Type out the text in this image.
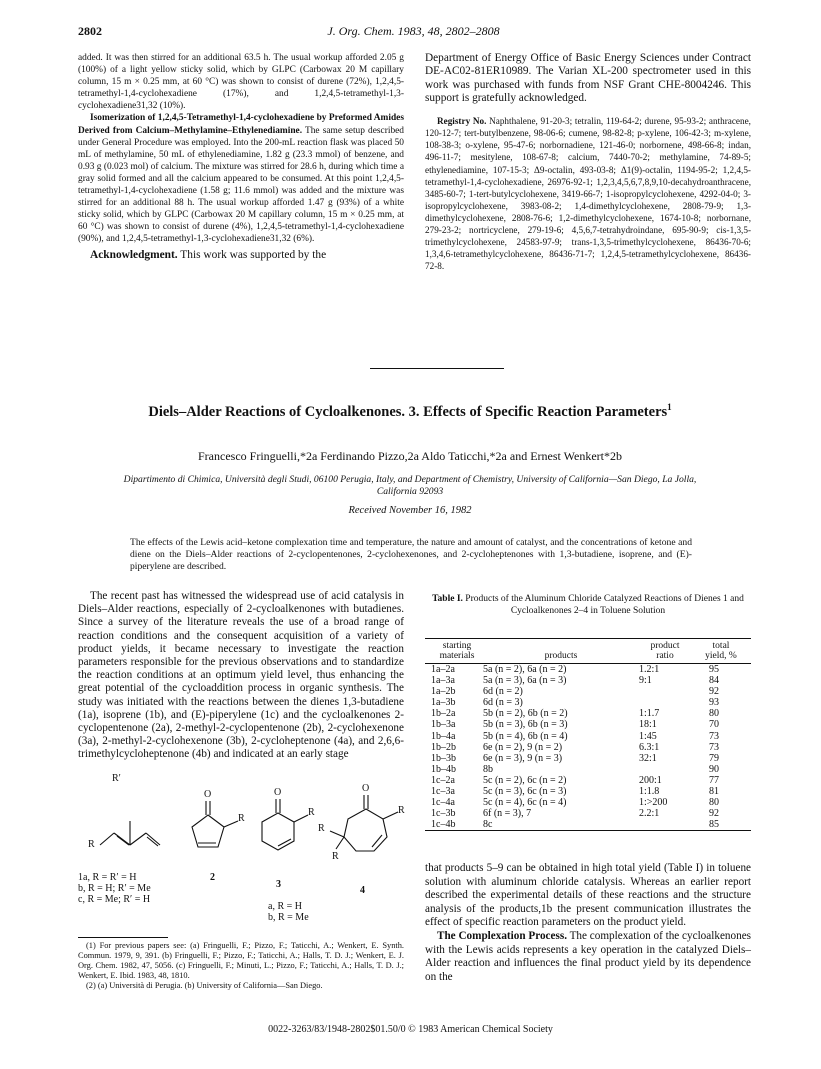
2802	J. Org. Chem. 1983, 48, 2802–2808

added. It was then stirred for an additional 63.5 h. The usual workup afforded 2.05 g (100%) of a light yellow sticky solid, which by GLPC (Carbowax 20 M capillary column, 15 m × 0.25 mm, at 60 °C) was shown to consist of durene (72%), 1,2,4,5-tetramethyl-1,4-cyclohexadiene (17%), and 1,2,4,5-tetramethyl-1,3-cyclohexadiene31,32 (10%).

Isomerization of 1,2,4,5-Tetramethyl-1,4-cyclohexadiene by Preformed Amides Derived from Calcium–Methylamine–Ethylenediamine. The same setup described under General Procedure was employed. Into the 200-mL reaction flask was placed 50 mL of methylamine, 50 mL of ethylenediamine, 1.82 g (23.3 mmol) of benzene, and 0.93 g (0.023 mol) of calcium. The mixture was stirred for 28.6 h, during which time a gray solid formed and all the calcium appeared to be consumed. At this point 1,2,4,5-tetramethyl-1,4-cyclohexadiene (1.58 g; 11.6 mmol) was added and the mixture was stirred for an additional 88 h. The usual workup afforded 1.47 g (93%) of a white sticky solid, which by GLPC (Carbowax 20 M capillary column, 15 m × 0.25 mm, at 60 °C) was shown to consist of durene (4%), 1,2,4,5-tetramethyl-1,4-cyclohexadiene (90%), and 1,2,4,5-tetramethyl-1,3-cyclohexadiene31,32 (6%).

Acknowledgment. This work was supported by the

Department of Energy Office of Basic Energy Sciences under Contract DE-AC02-81ER10989. The Varian XL-200 spectrometer used in this work was purchased with funds from NSF Grant CHE-8004246. This support is gratefully acknowledged.

Registry No. Naphthalene, 91-20-3; tetralin, 119-64-2; durene, 95-93-2; anthracene, 120-12-7; tert-butylbenzene, 98-06-6; cumene, 98-82-8; p-xylene, 106-42-3; m-xylene, 108-38-3; o-xylene, 95-47-6; norbornadiene, 121-46-0; norbornene, 498-66-8; indan, 496-11-7; mesitylene, 108-67-8; calcium, 7440-70-2; methylamine, 74-89-5; ethylenediamine, 107-15-3; Δ9-octalin, 493-03-8; Δ1(9)-octalin, 1194-95-2; 1,2,4,5-tetramethyl-1,4-cyclohexadiene, 26976-92-1; 1,2,3,4,5,6,7,8,9,10-decahydroanthracene, 3485-60-7; 1-tert-butylcyclohexene, 3419-66-7; 1-isopropylcyclohexene, 4292-04-0; 3-isopropylcyclohexene, 3983-08-2; 1,4-dimethylcyclohexene, 2808-79-9; 1,3-dimethylcyclohexene, 2808-76-6; 1,2-dimethylcyclohexene, 1674-10-8; norbornane, 279-23-2; nortricyclene, 279-19-6; 4,5,6,7-tetrahydroindane, 695-90-9; cis-1,3,5-trimethylcyclohexene, 24583-97-9; trans-1,3,5-trimethylcyclohexene, 86436-70-6; 1,3,4,6-tetramethylcyclohexene, 86436-71-7; 1,2,4,5-tetramethylcyclohexene, 86436-72-8.

Diels–Alder Reactions of Cycloalkenones. 3. Effects of Specific Reaction Parameters$^1$
Francesco Fringuelli,*2a Ferdinando Pizzo,2a Aldo Taticchi,*2a and Ernest Wenkert*2b
Dipartimento di Chimica, Università degli Studi, 06100 Perugia, Italy, and Department of Chemistry, University of California—San Diego, La Jolla, California 92093
Received November 16, 1982
The effects of the Lewis acid–ketone complexation time and temperature, the nature and amount of catalyst, and the concentrations of ketone and diene on the Diels–Alder reactions of 2-cyclopentenones, 2-cyclohexenones, and 2-cycloheptenones with 1,3-butadiene, isoprene, and (E)-piperylene are described.

The recent past has witnessed the widespread use of acid catalysis in Diels–Alder reactions, especially of 2-cycloalkenones with butadienes. Since a survey of the literature reveals the use of a broad range of reaction conditions and the consequent acquisition of a variety of product yields, it became necessary to investigate the reaction parameters responsible for the previous observations and to standardize the reaction conditions at an optimum yield level, thus enhancing the great potential of the cycloaddition process in organic synthesis. The study was initiated with the reactions between the dienes 1,3-butadiene (1a), isoprene (1b), and (E)-piperylene (1c) and the cycloalkenones 2-cyclopentenone (2a), 2-methyl-2-cyclopentenone (2b), 2-cyclohexenone (3a), 2-methyl-2-cyclohexenone (3b), 2-cycloheptenone (4a), and 2,6,6-trimethylcycloheptenone (4b) and indicated at an early stage

R′
R
O
R
O
R
O
R
R
R
1a, R = R′ = H
b, R = H; R′ = Me
c, R = Me; R′ = H
2
3
a, R = H
b, R = Me
4

(1) For previous papers see: (a) Fringuelli, F.; Pizzo, F.; Taticchi, A.; Wenkert, E. Synth. Commun. 1979, 9, 391. (b) Fringuelli, F.; Pizzo, F.; Taticchi, A.; Halls, T. D. J.; Wenkert, E. J. Org. Chem. 1982, 47, 5056. (c) Fringuelli, F.; Minuti, L.; Pizzo, F.; Taticchi, A.; Halls, T. D. J.; Wenkert, E. Ibid. 1983, 48, 1810.

(2) (a) Università di Perugia. (b) University of California—San Diego.

Table I. Products of the Aluminum Chloride Catalyzed Reactions of Dienes 1 and Cycloalkenones 2–4 in Toluene Solution
starting
materials	products	product
ratio	total
yield, %
1a–2a	5a (n = 2), 6a (n = 2)	1.2:1	95
1a–3a	5a (n = 3), 6a (n = 3)	9:1	84
1a–2b	6d (n = 2)		92
1a–3b	6d (n = 3)		93
1b–2a	5b (n = 2), 6b (n = 2)	1:1.7	80
1b–3a	5b (n = 3), 6b (n = 3)	18:1	70
1b–4a	5b (n = 4), 6b (n = 4)	1:45	73
1b–2b	6e (n = 2), 9 (n = 2)	6.3:1	73
1b–3b	6e (n = 3), 9 (n = 3)	32:1	79
1b–4b	8b		90
1c–2a	5c (n = 2), 6c (n = 2)	200:1	77
1c–3a	5c (n = 3), 6c (n = 3)	1:1.8	81
1c–4a	5c (n = 4), 6c (n = 4)	1:>200	80
1c–3b	6f (n = 3), 7	2.2:1	92
1c–4b	8c		85

that products 5–9 can be obtained in high total yield (Table I) in toluene solution with aluminum chloride catalysis. Whereas an earlier report described the experimental details of these reactions and the structure analysis of the products,1b the present communication illustrates the effect of specific reaction parameters on the product yield.

The Complexation Process. The complexation of the cycloalkenones with the Lewis acids represents a key operation in the catalyzed Diels–Alder reaction and influences the final product yield by its dependence on the

0022-3263/83/1948-2802$01.50/0 © 1983 American Chemical Society
